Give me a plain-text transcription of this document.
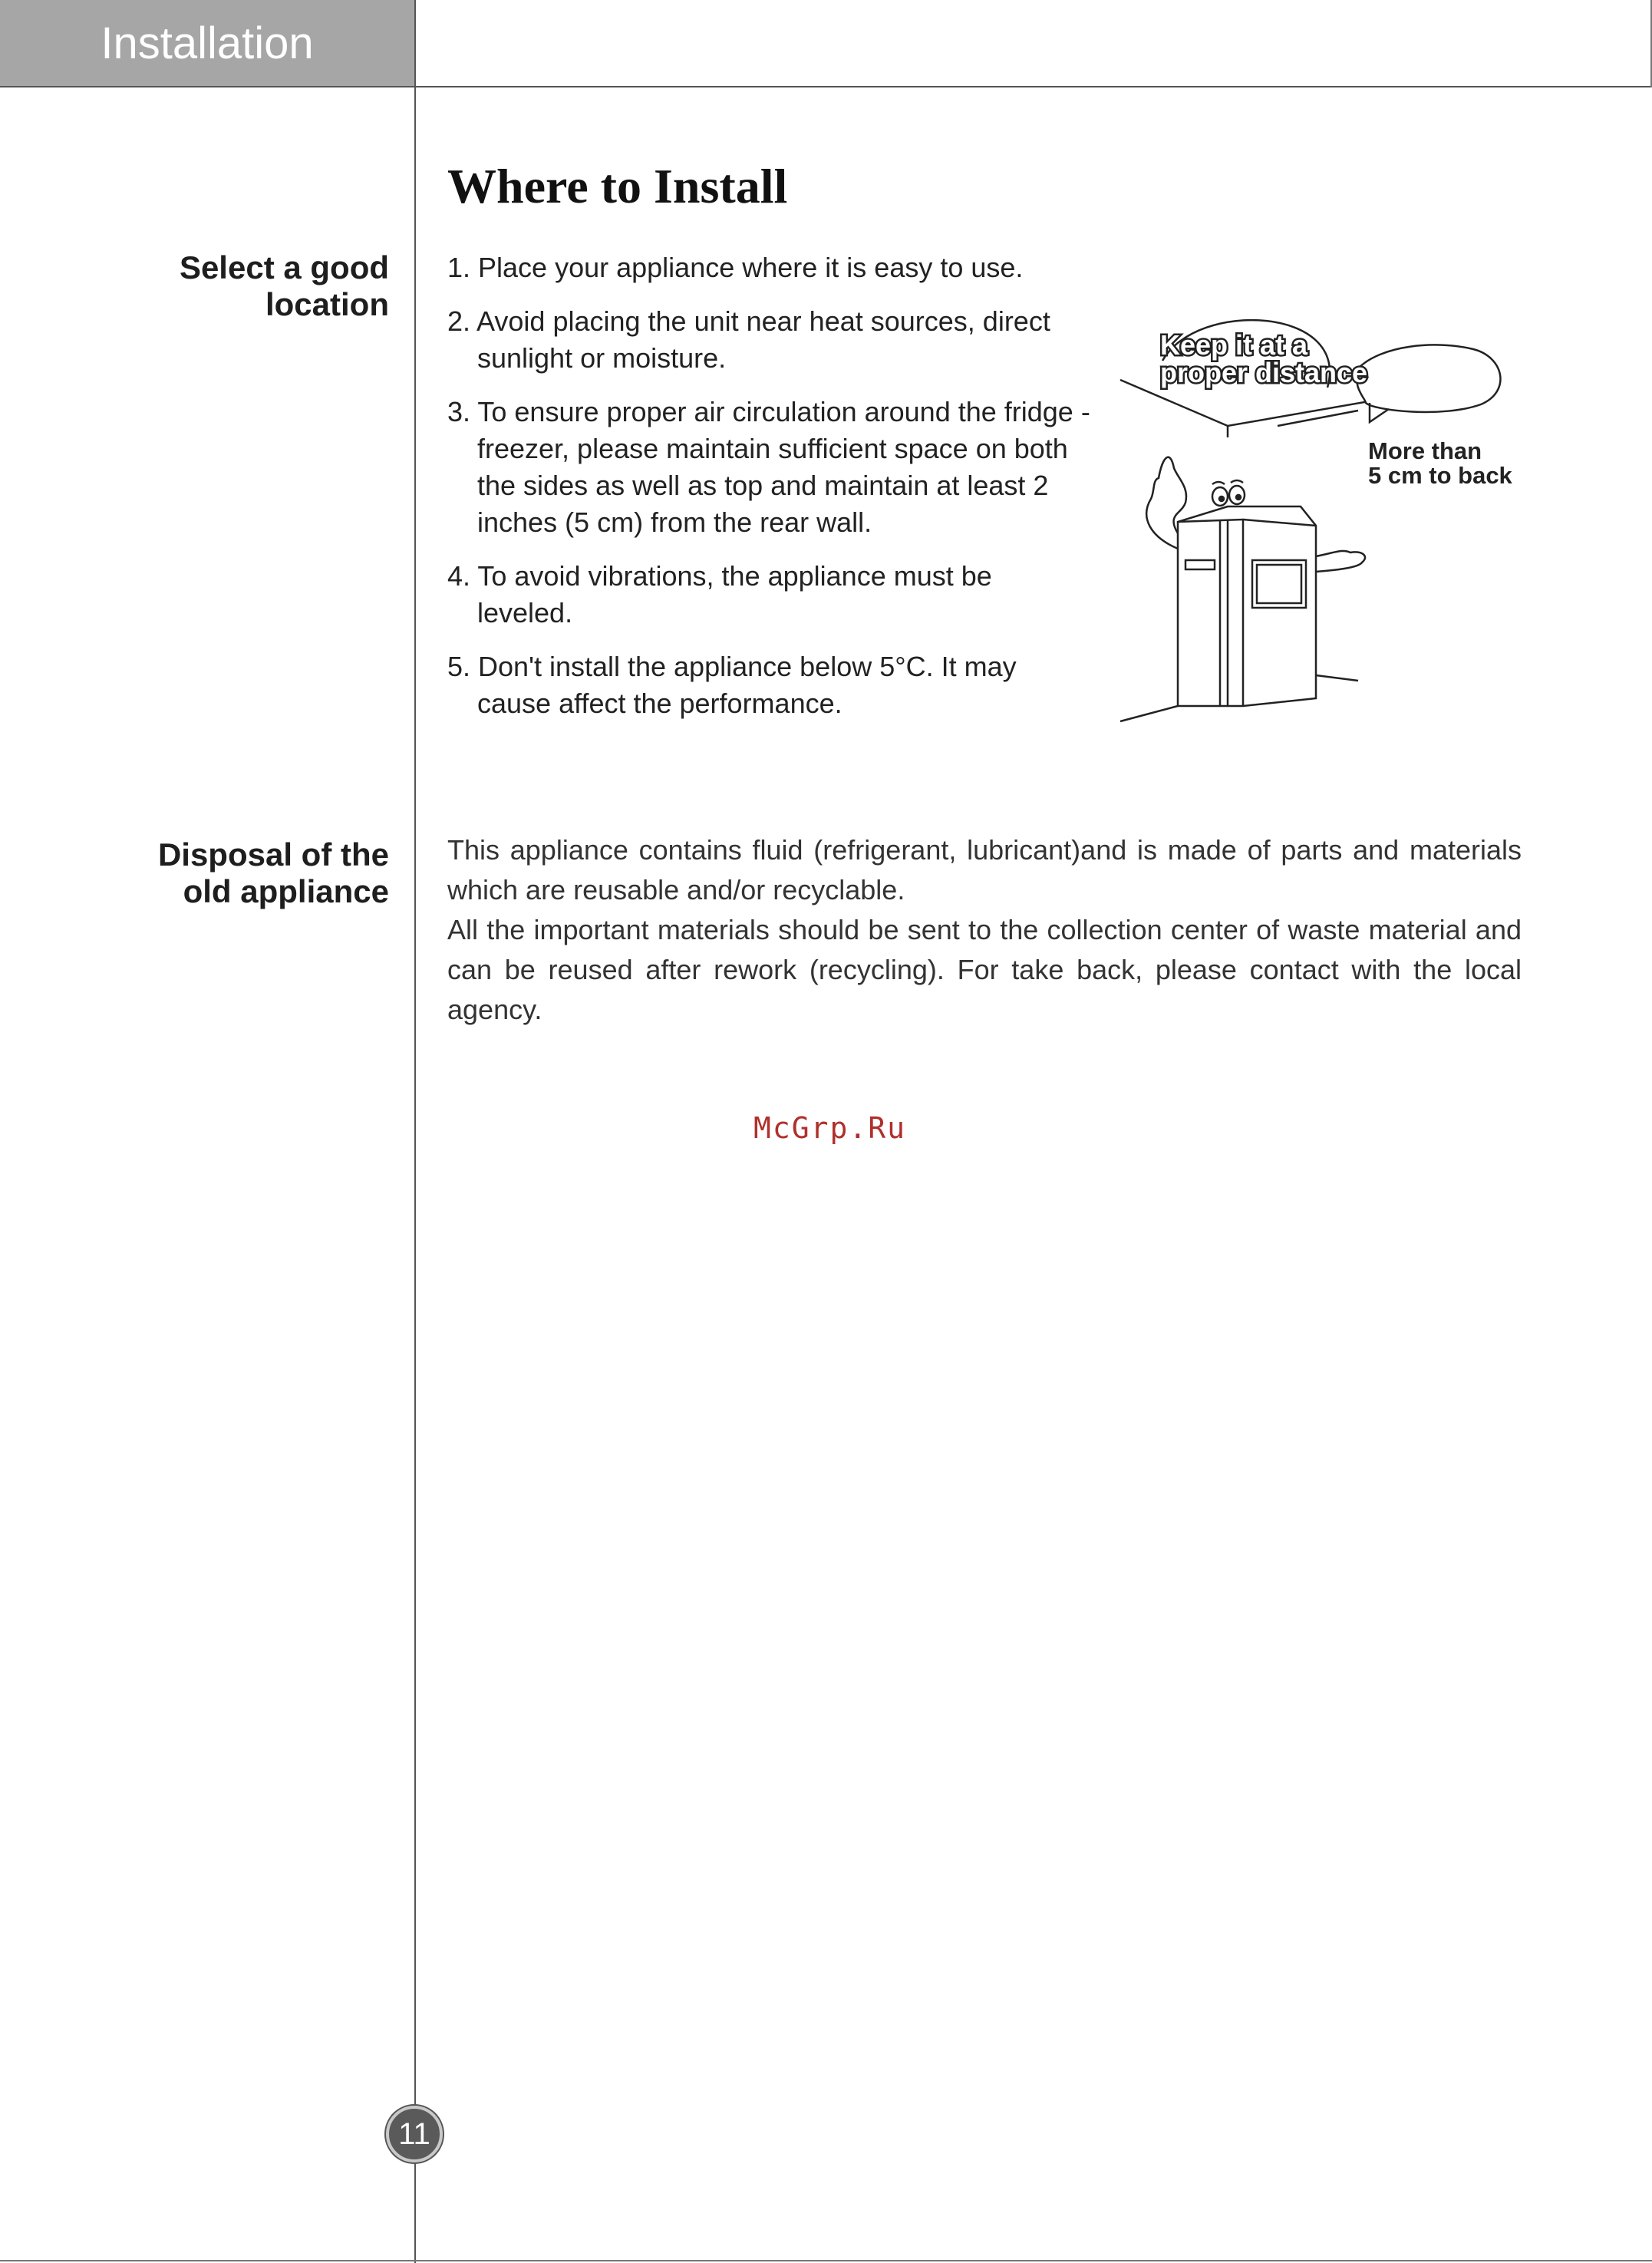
Installation
Select a good
location
Disposal of the
old appliance
Where to Install
1. Place your appliance where it is easy to use.
2. Avoid placing the unit near heat sources, direct sunlight or moisture.
3. To ensure proper air circulation around the fridge -freezer, please maintain sufficient space on both the sides as well as top and maintain at least 2 inches (5 cm) from the rear wall.
4. To avoid vibrations, the appliance must be leveled.
5. Don't install the appliance below 5°C. It may cause affect the performance.
Keep it at a
proper distance
More than
5 cm to back

This appliance contains fluid (refrigerant, lubricant)and is made of parts and materials which are reusable and/or recyclable.

All the important materials should be sent to the collection center of waste material and can be reused after rework (recycling). For take back, please contact with the local agency.

McGrp.Ru
11
